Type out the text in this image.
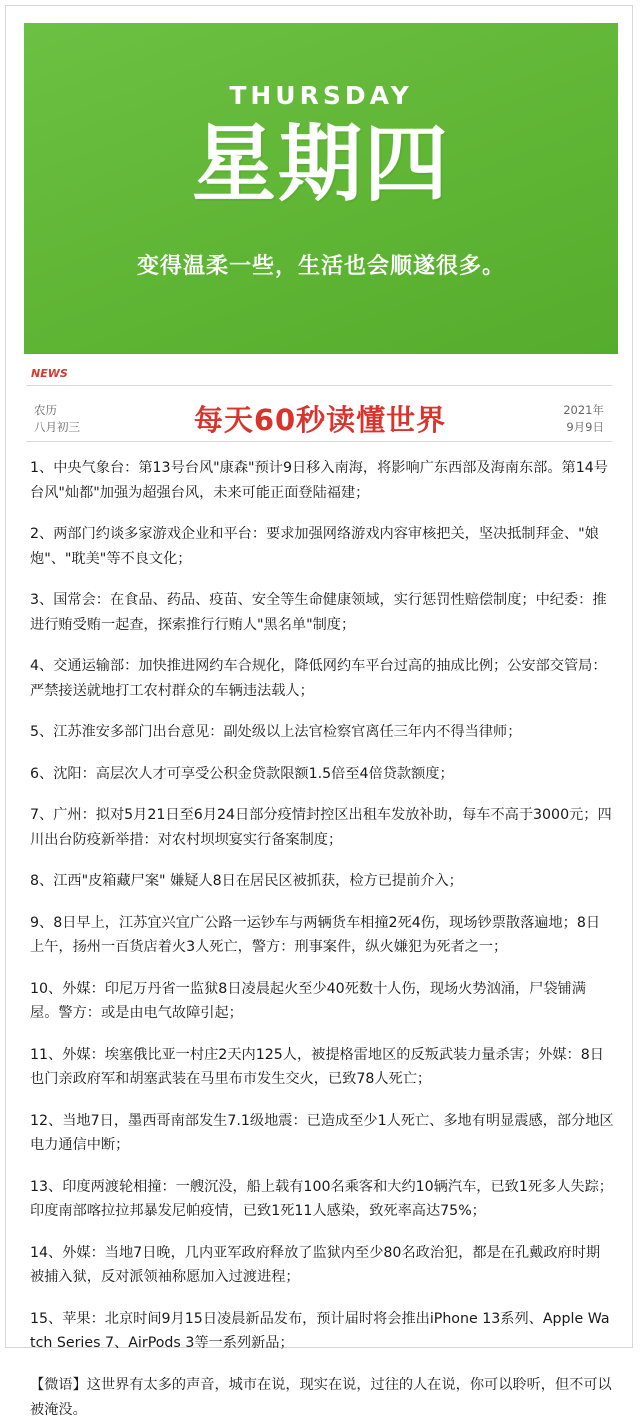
THURSDAY
星期四
变得温柔一些，生活也会顺遂很多。
NEWS
农历
八月初三	每天60秒读懂世界	2021年
9月9日

1、中央气象台：第13号台风"康森"预计9日移入南海，将影响广东西部及海南东部。第14号台风"灿都"加强为超强台风，未来可能正面登陆福建；

2、两部门约谈多家游戏企业和平台：要求加强网络游戏内容审核把关，坚决抵制拜金、"娘炮"、"耽美"等不良文化；

3、国常会：在食品、药品、疫苗、安全等生命健康领域，实行惩罚性赔偿制度；中纪委：推进行贿受贿一起查，探索推行行贿人"黑名单"制度；

4、交通运输部：加快推进网约车合规化，降低网约车平台过高的抽成比例；公安部交管局：严禁接送就地打工农村群众的车辆违法载人；

5、江苏淮安多部门出台意见：副处级以上法官检察官离任三年内不得当律师；

6、沈阳：高层次人才可享受公积金贷款限额1.5倍至4倍贷款额度；

7、广州：拟对5月21日至6月24日部分疫情封控区出租车发放补助，每车不高于3000元；四川出台防疫新举措：对农村坝坝宴实行备案制度；

8、江西"皮箱藏尸案" 嫌疑人8日在居民区被抓获，检方已提前介入；

9、8日早上，江苏宜兴宜广公路一运钞车与两辆货车相撞2死4伤，现场钞票散落遍地；8日上午，扬州一百货店着火3人死亡，警方：刑事案件，纵火嫌犯为死者之一；

10、外媒：印尼万丹省一监狱8日凌晨起火至少40死数十人伤，现场火势汹涌，尸袋铺满屋。警方：或是由电气故障引起；

11、外媒：埃塞俄比亚一村庄2天内125人，被提格雷地区的反叛武装力量杀害；外媒：8日也门亲政府军和胡塞武装在马里布市发生交火，已致78人死亡；

12、当地7日，墨西哥南部发生7.1级地震：已造成至少1人死亡、多地有明显震感，部分地区电力通信中断；

13、印度两渡轮相撞：一艘沉没，船上载有100名乘客和大约10辆汽车，已致1死多人失踪；印度南部喀拉拉邦暴发尼帕疫情，已致1死11人感染，致死率高达75%；

14、外媒：当地7日晚，几内亚军政府释放了监狱内至少80名政治犯，都是在孔戴政府时期被捕入狱，反对派领袖称愿加入过渡进程；

15、苹果：北京时间9月15日凌晨新品发布，预计届时将会推出iPhone 13系列、Apple Watch Series 7、AirPods 3等一系列新品；

【微语】这世界有太多的声音，城市在说，现实在说，过往的人在说，你可以聆听，但不可以被淹没。
